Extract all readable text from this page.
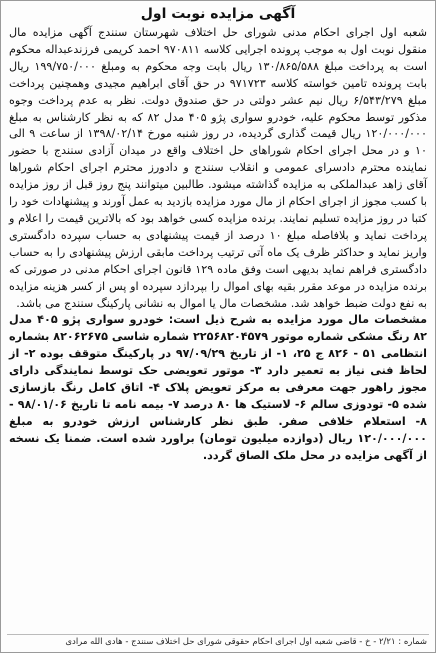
آگهی مزایده نوبت اول

شعبه اول اجرای احکام مدنی شورای حل اختلاف شهرستان سنندج آگهی مزایده مال منقول نوبت اول به موجب پرونده اجرایی کلاسه ۹۷۰۸۱۱ احمد کریمی فرزندعبداله محکوم است به پرداخت مبلغ ۱۳۰/۸۶۵/۵۸۸ ریال بابت وجه محکوم به ومبلغ ۱۹۹/۷۵۰/۰۰۰ ریال بابت پرونده تامین خواسته کلاسه ۹۷۱۷۲۳ در حق آقای ابراهیم مجیدی وهمچنین پرداخت مبلغ ۶/۵۴۳/۲۷۹ ریال نیم عشر دولتی در حق صندوق دولت. نظر به عدم پرداخت وجوه مذکور توسط محکوم علیه، خودرو سواری پژو ۴۰۵ مدل ۸۲ که به نظر کارشناس به مبلغ ۱۲۰/۰۰۰/۰۰۰ ریال قیمت گذاری گردیده، در روز شنبه مورخ ۱۳۹۸/۰۲/۱۴ از ساعت ۹ الی ۱۰ و در محل اجرای احکام شوراهای حل اختلاف واقع در میدان آزادی سنندج با حضور نماینده محترم دادسرای عمومی و انقلاب سنندج و دادورز محترم اجرای احکام شوراها آقای زاهد عبدالملکی به مزایده گذاشته میشود. طالبین میتوانند پنج روز قبل از روز مزایده با کسب مجوز از اجرای احکام از مال مورد مزایده بازدید به عمل آورند و پیشنهادات خود را کتبا در روز مزایده تسلیم نمایند. برنده مزایده کسی خواهد بود که بالاترین قیمت را اعلام و پرداخت نماید و بلافاصله مبلغ ۱۰ درصد از قیمت پیشنهادی به حساب سپرده دادگستری واریز نماید و حداکثر ظرف یک ماه آتی ترتیب پرداخت مابقی ارزش پیشنهادی را به حساب دادگستری فراهم نماید بدیهی است وفق ماده ۱۲۹ قانون اجرای احکام مدنی در صورتی که برنده مزایده در موعد مقرر بقیه بهای اموال را بپردازد سپرده او پس از کسر هزینه مزایده به نفع دولت ضبط خواهد شد. مشخصات مال یا اموال به نشانی پارکینگ سنندج می باشد.

مشخصات مال مورد مزایده به شرح ذیل است: خودرو سواری پژو ۴۰۵ مدل ۸۲ رنگ مشکی شماره موتور ۲۲۵۶۸۲۰۴۵۷۹ شماره شاسی ۸۲۰۶۲۶۷۵ بشماره انتظامی ۵۱ - ۸۲۶ ج ۲۵، ۱- از تاریخ ۹۷/۰۹/۲۹ در پارکینگ متوقف بوده ۲- از لحاظ فنی نیاز به تعمیر دارد ۳- موتور تعویضی حک توسط نمایندگی دارای مجوز راهور جهت معرفی به مرکز تعویض پلاک ۴- اتاق کامل رنگ بازسازی شده ۵- تودوزی سالم ۶- لاستیک ها ۸۰ درصد ۷- بیمه نامه تا تاریخ ۹۸/۰۱/۰۶ - ۸- استعلام خلافی صفر. طبق نظر کارشناس ارزش خودرو به مبلغ ۱۲۰/۰۰۰/۰۰۰ ریال (دوازده میلیون تومان) براورد شده است. ضمنا یک نسخه از آگهی مزایده در محل ملک الصاق گردد.

شماره : ۲/۲۱ - خ - قاضی شعبه اول اجرای احکام حقوقی شورای حل اختلاف سنندج - هادی الله مرادی
